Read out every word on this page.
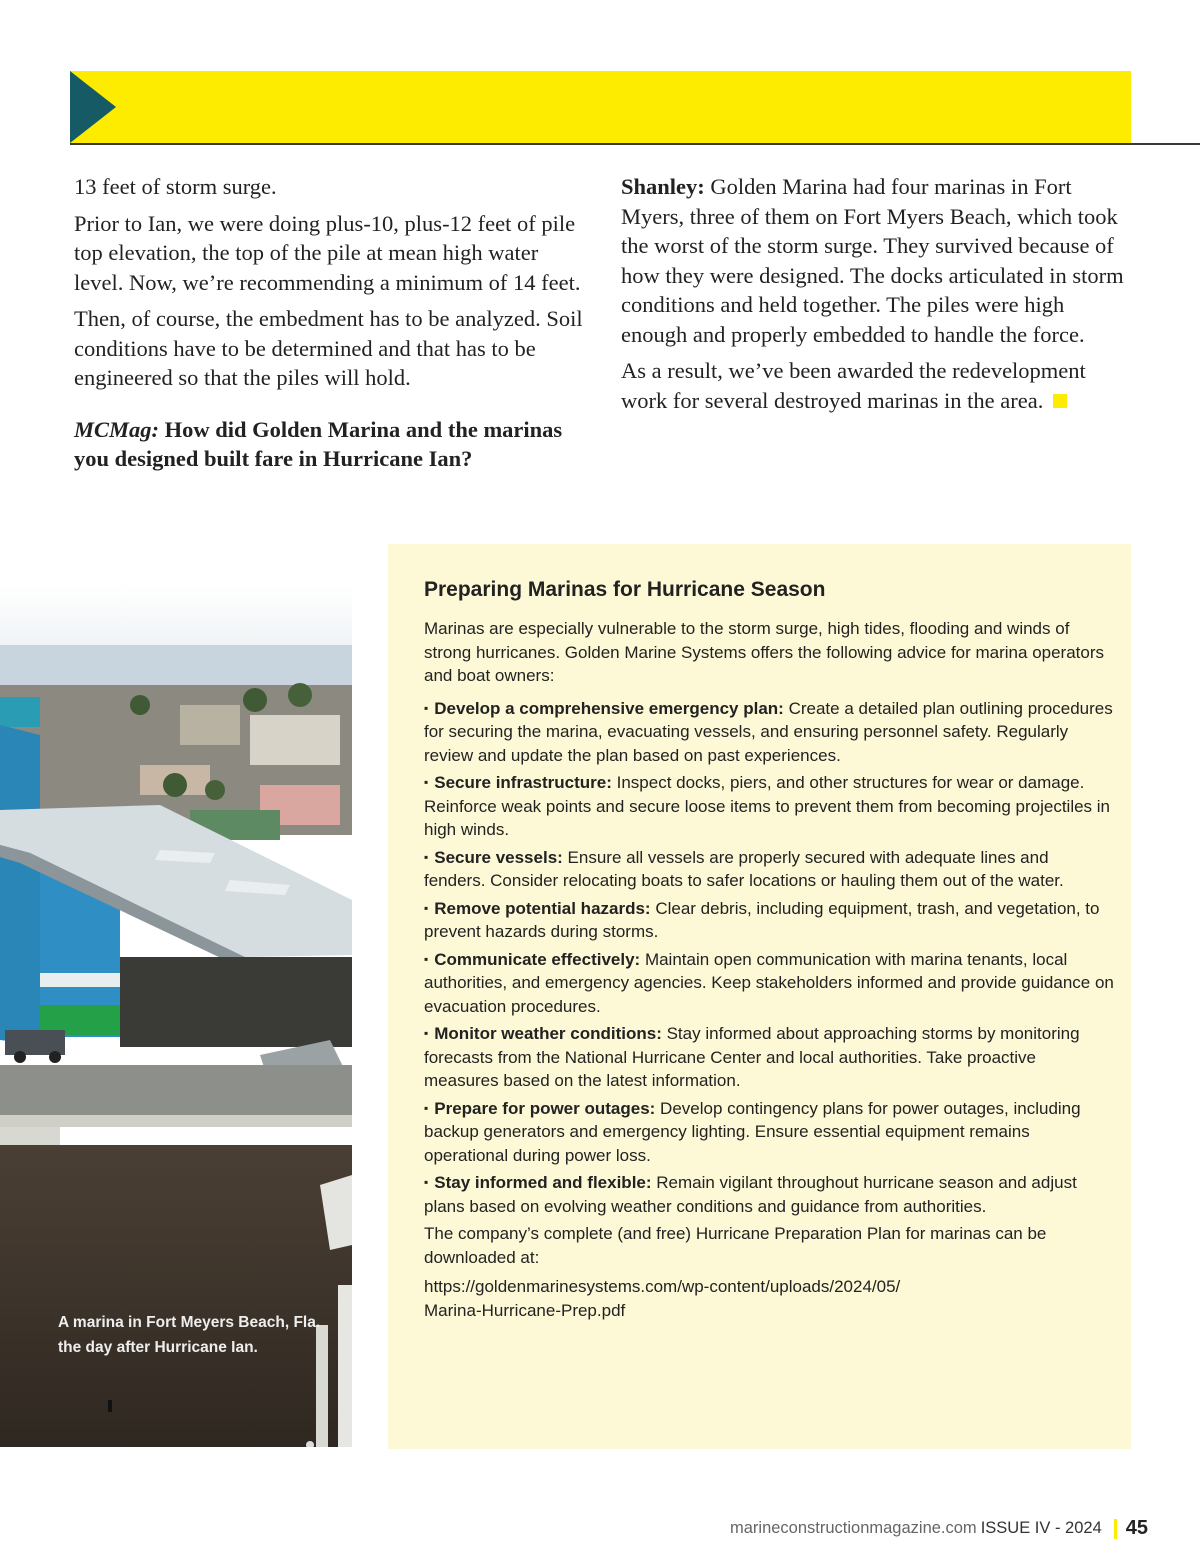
13 feet of storm surge.

Prior to Ian, we were doing plus-10, plus-12 feet of pile top elevation, the top of the pile at mean high water level. Now, we’re recommending a minimum of 14 feet.

Then, of course, the embedment has to be analyzed. Soil conditions have to be determined and that has to be engineered so that the piles will hold.

MCMag: How did Golden Marina and the marinas you designed built fare in Hurricane Ian?

Shanley: Golden Marina had four marinas in Fort Myers, three of them on Fort Myers Beach, which took the worst of the storm surge. They survived because of how they were designed. The docks articulated in storm conditions and held together. The piles were high enough and properly embedded to handle the force.

As a result, we’ve been awarded the redevelopment work for several destroyed marinas in the area.

A marina in Fort Meyers Beach, Fla. the day after Hurricane Ian.
Preparing Marinas for Hurricane Season

Marinas are especially vulnerable to the storm surge, high tides, flooding and winds of strong hurricanes. Golden Marine Systems offers the following advice for marina operators and boat owners:

▪ Develop a comprehensive emergency plan: Create a detailed plan outlining procedures for securing the marina, evacuating vessels, and ensuring personnel safety. Regularly review and update the plan based on past experiences.

▪ Secure infrastructure: Inspect docks, piers, and other structures for wear or damage. Reinforce weak points and secure loose items to prevent them from becoming projectiles in high winds.

▪ Secure vessels: Ensure all vessels are properly secured with adequate lines and fenders. Consider relocating boats to safer locations or hauling them out of the water.

▪ Remove potential hazards: Clear debris, including equipment, trash, and vegetation, to prevent hazards during storms.

▪ Communicate effectively: Maintain open communication with marina tenants, local authorities, and emergency agencies. Keep stakeholders informed and provide guidance on evacuation procedures.

▪ Monitor weather conditions: Stay informed about approaching storms by monitoring forecasts from the National Hurricane Center and local authorities. Take proactive measures based on the latest information.

▪ Prepare for power outages: Develop contingency plans for power outages, including backup generators and emergency lighting. Ensure essential equipment remains operational during power loss.

▪ Stay informed and flexible: Remain vigilant throughout hurricane season and adjust plans based on evolving weather conditions and guidance from authorities.

The company’s complete (and free) Hurricane Preparation Plan for marinas can be downloaded at:

https://goldenmarinesystems.com/wp-content/uploads/2024/05/
Marina-Hurricane-Prep.pdf

marineconstructionmagazine.com ISSUE IV - 2024 45
